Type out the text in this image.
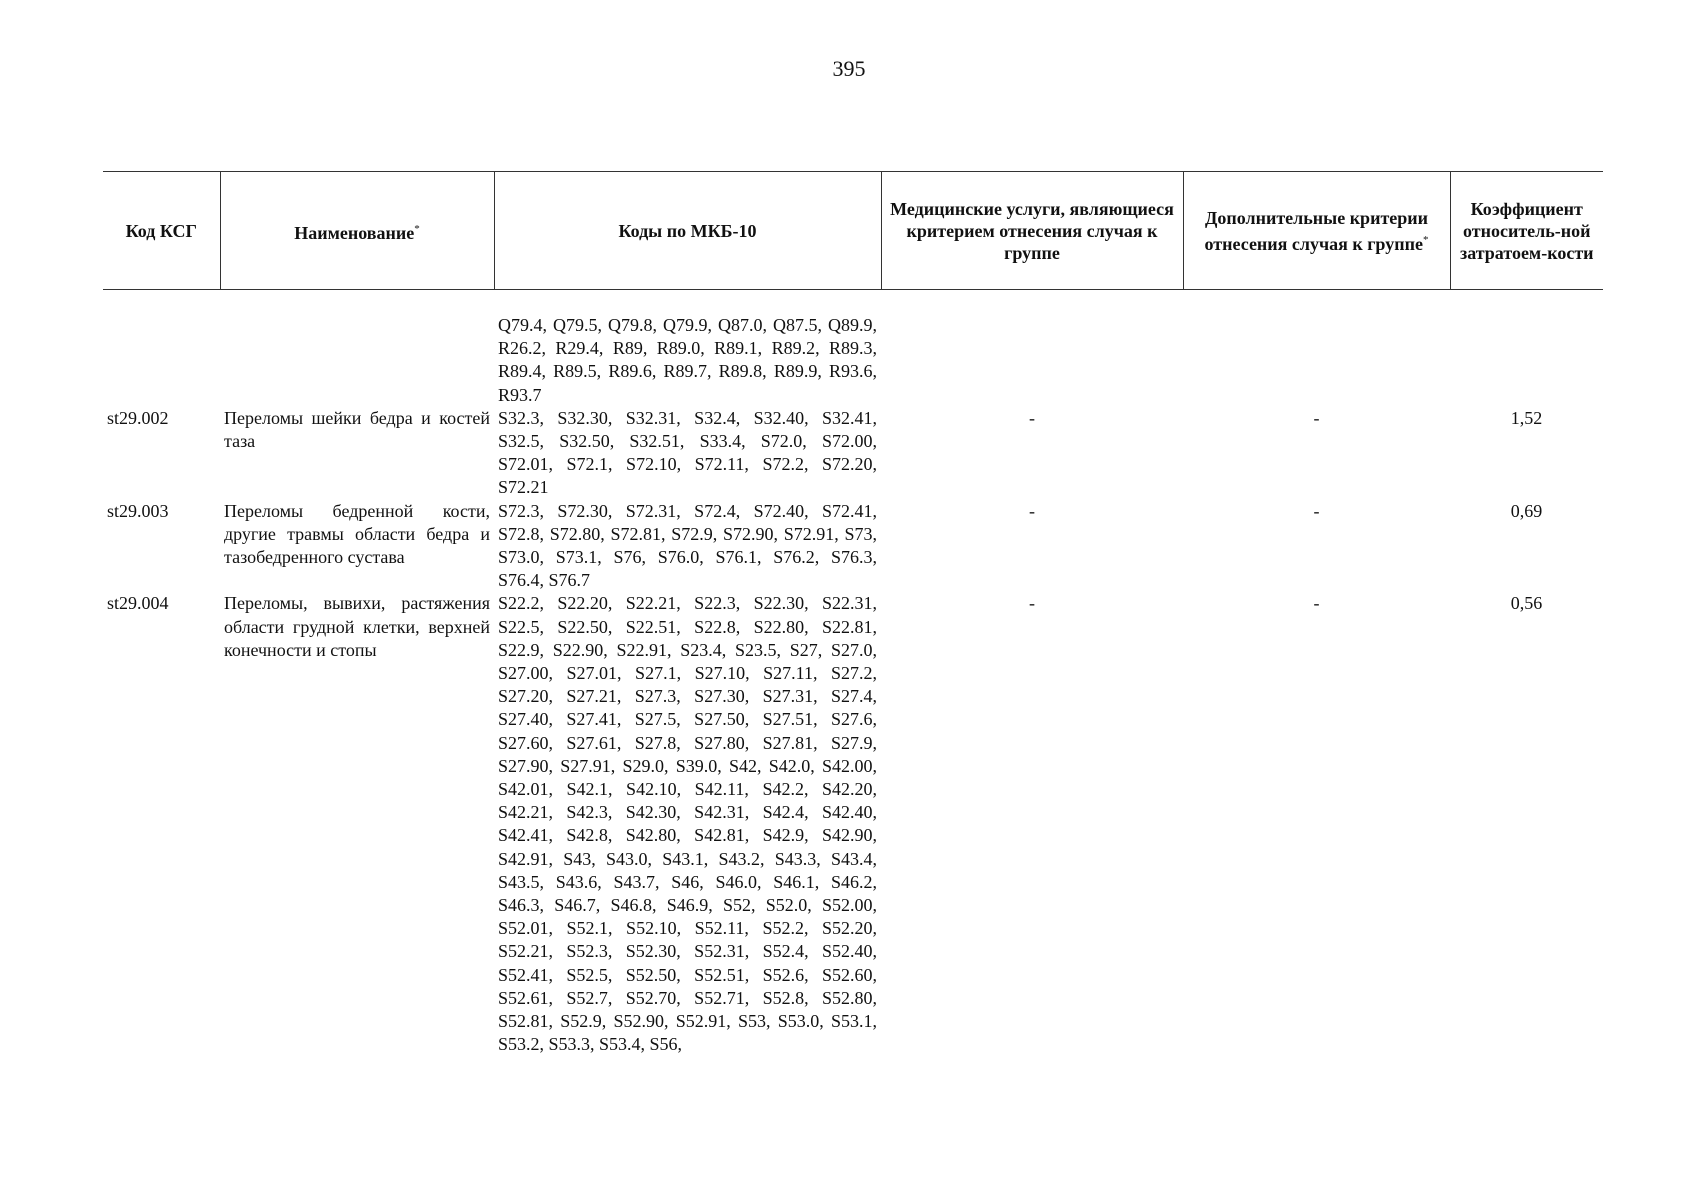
395
Код КСГ	Наименование*	Коды по МКБ-10	Медицинские услуги, являющиеся критерием отнесения случая к группе	Дополнительные критерии отнесения случая к группе*	Коэффициент относитель-ной затратоем-кости

		Q79.4, Q79.5, Q79.8, Q79.9, Q87.0, Q87.5, Q89.9, R26.2, R29.4, R89, R89.0, R89.1, R89.2, R89.3, R89.4, R89.5, R89.6, R89.7, R89.8, R89.9, R93.6, R93.7			
st29.002	Переломы шейки бедра и костей таза	S32.3, S32.30, S32.31, S32.4, S32.40, S32.41, S32.5, S32.50, S32.51, S33.4, S72.0, S72.00, S72.01, S72.1, S72.10, S72.11, S72.2, S72.20, S72.21	-	-	1,52
st29.003	Переломы бедренной кости, другие травмы области бедра и тазобедренного сустава	S72.3, S72.30, S72.31, S72.4, S72.40, S72.41, S72.8, S72.80, S72.81, S72.9, S72.90, S72.91, S73, S73.0, S73.1, S76, S76.0, S76.1, S76.2, S76.3, S76.4, S76.7	-	-	0,69
st29.004	Переломы, вывихи, растяжения области грудной клетки, верхней конечности и стопы	S22.2, S22.20, S22.21, S22.3, S22.30, S22.31, S22.5, S22.50, S22.51, S22.8, S22.80, S22.81, S22.9, S22.90, S22.91, S23.4, S23.5, S27, S27.0, S27.00, S27.01, S27.1, S27.10, S27.11, S27.2, S27.20, S27.21, S27.3, S27.30, S27.31, S27.4, S27.40, S27.41, S27.5, S27.50, S27.51, S27.6, S27.60, S27.61, S27.8, S27.80, S27.81, S27.9, S27.90, S27.91, S29.0, S39.0, S42, S42.0, S42.00, S42.01, S42.1, S42.10, S42.11, S42.2, S42.20, S42.21, S42.3, S42.30, S42.31, S42.4, S42.40, S42.41, S42.8, S42.80, S42.81, S42.9, S42.90, S42.91, S43, S43.0, S43.1, S43.2, S43.3, S43.4, S43.5, S43.6, S43.7, S46, S46.0, S46.1, S46.2, S46.3, S46.7, S46.8, S46.9, S52, S52.0, S52.00, S52.01, S52.1, S52.10, S52.11, S52.2, S52.20, S52.21, S52.3, S52.30, S52.31, S52.4, S52.40, S52.41, S52.5, S52.50, S52.51, S52.6, S52.60, S52.61, S52.7, S52.70, S52.71, S52.8, S52.80, S52.81, S52.9, S52.90, S52.91, S53, S53.0, S53.1, S53.2, S53.3, S53.4, S56,	-	-	0,56
